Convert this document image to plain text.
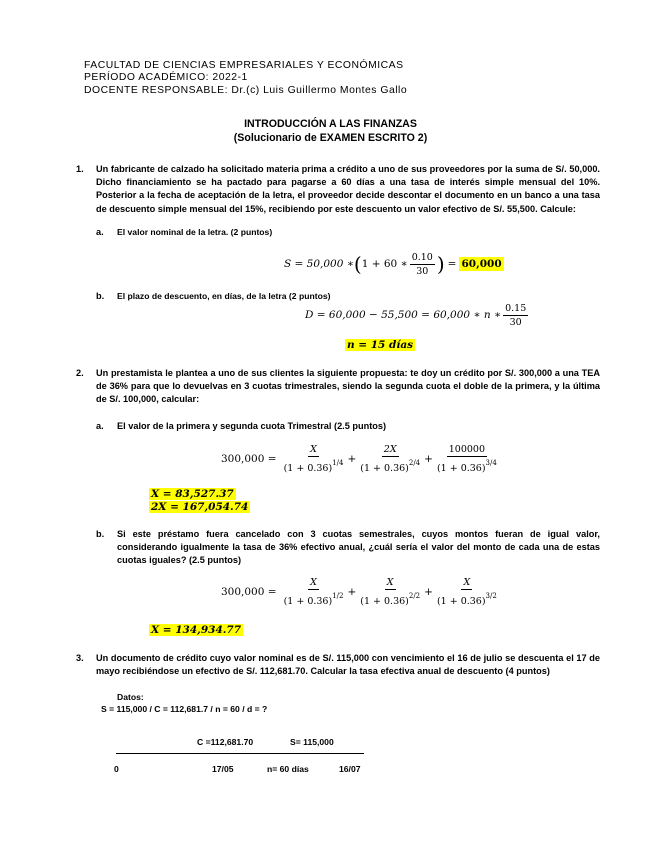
FACULTAD DE CIENCIAS EMPRESARIALES Y ECONÓMICAS
PERÍODO ACADÉMICO: 2022-1
DOCENTE RESPONSABLE: Dr.(c) Luis Guillermo Montes Gallo
INTRODUCCIÓN A LAS FINANZAS
(Solucionario de EXAMEN ESCRITO 2)
1. Un fabricante de calzado ha solicitado materia prima a crédito a uno de sus proveedores por la suma de S/. 50,000. Dicho financiamiento se ha pactado para pagarse a 60 días a una tasa de interés simple mensual del 10%. Posterior a la fecha de aceptación de la letra, el proveedor decide descontar el documento en un banco a una tasa de descuento simple mensual del 15%, recibiendo por este descuento un valor efectivo de S/. 55,500. Calcule:
a. El valor nominal de la letra. (2 puntos)
S = 50,000 ∗ ( 1 + 60 ∗ $\frac{0.10}{30}$ ) = 60,000
b. El plazo de descuento, en días, de la letra (2 puntos)
D = 60,000 − 55,500 = 60,000 ∗ n ∗ $\frac{0.15}{30}$
n = 15 días
2. Un prestamista le plantea a uno de sus clientes la siguiente propuesta: te doy un crédito por S/. 300,000 a una TEA de 36% para que lo devuelvas en 3 cuotas trimestrales, siendo la segunda cuota el doble de la primera, y la última de S/. 100,000, calcular:
a. El valor de la primera y segunda cuota Trimestral (2.5 puntos)
$300,000 = \frac{X}{(1 + 0.36)^{1/4}} + \frac{2X}{(1 + 0.36)^{2/4}} + \frac{100000}{(1 + 0.36)^{3/4}}$
X = 83,527.37
2X = 167,054.74
b. Si este préstamo fuera cancelado con 3 cuotas semestrales, cuyos montos fueran de igual valor, considerando igualmente la tasa de 36% efectivo anual, ¿cuál sería el valor del monto de cada una de estas cuotas iguales? (2.5 puntos)
$300,000 = \frac{X}{(1 + 0.36)^{1/2}} + \frac{X}{(1 + 0.36)^{2/2}} + \frac{X}{(1 + 0.36)^{3/2}}$
X = 134,934.77
3. Un documento de crédito cuyo valor nominal es de S/. 115,000 con vencimiento el 16 de julio se descuenta el 17 de mayo recibiéndose un efectivo de S/. 112,681.70. Calcular la tasa efectiva anual de descuento (4 puntos)
Datos:
S = 115,000 / C = 112,681.7 / n = 60 / d = ?
C =112,681.70	S= 115,000
0	17/05	n= 60 días	16/07
